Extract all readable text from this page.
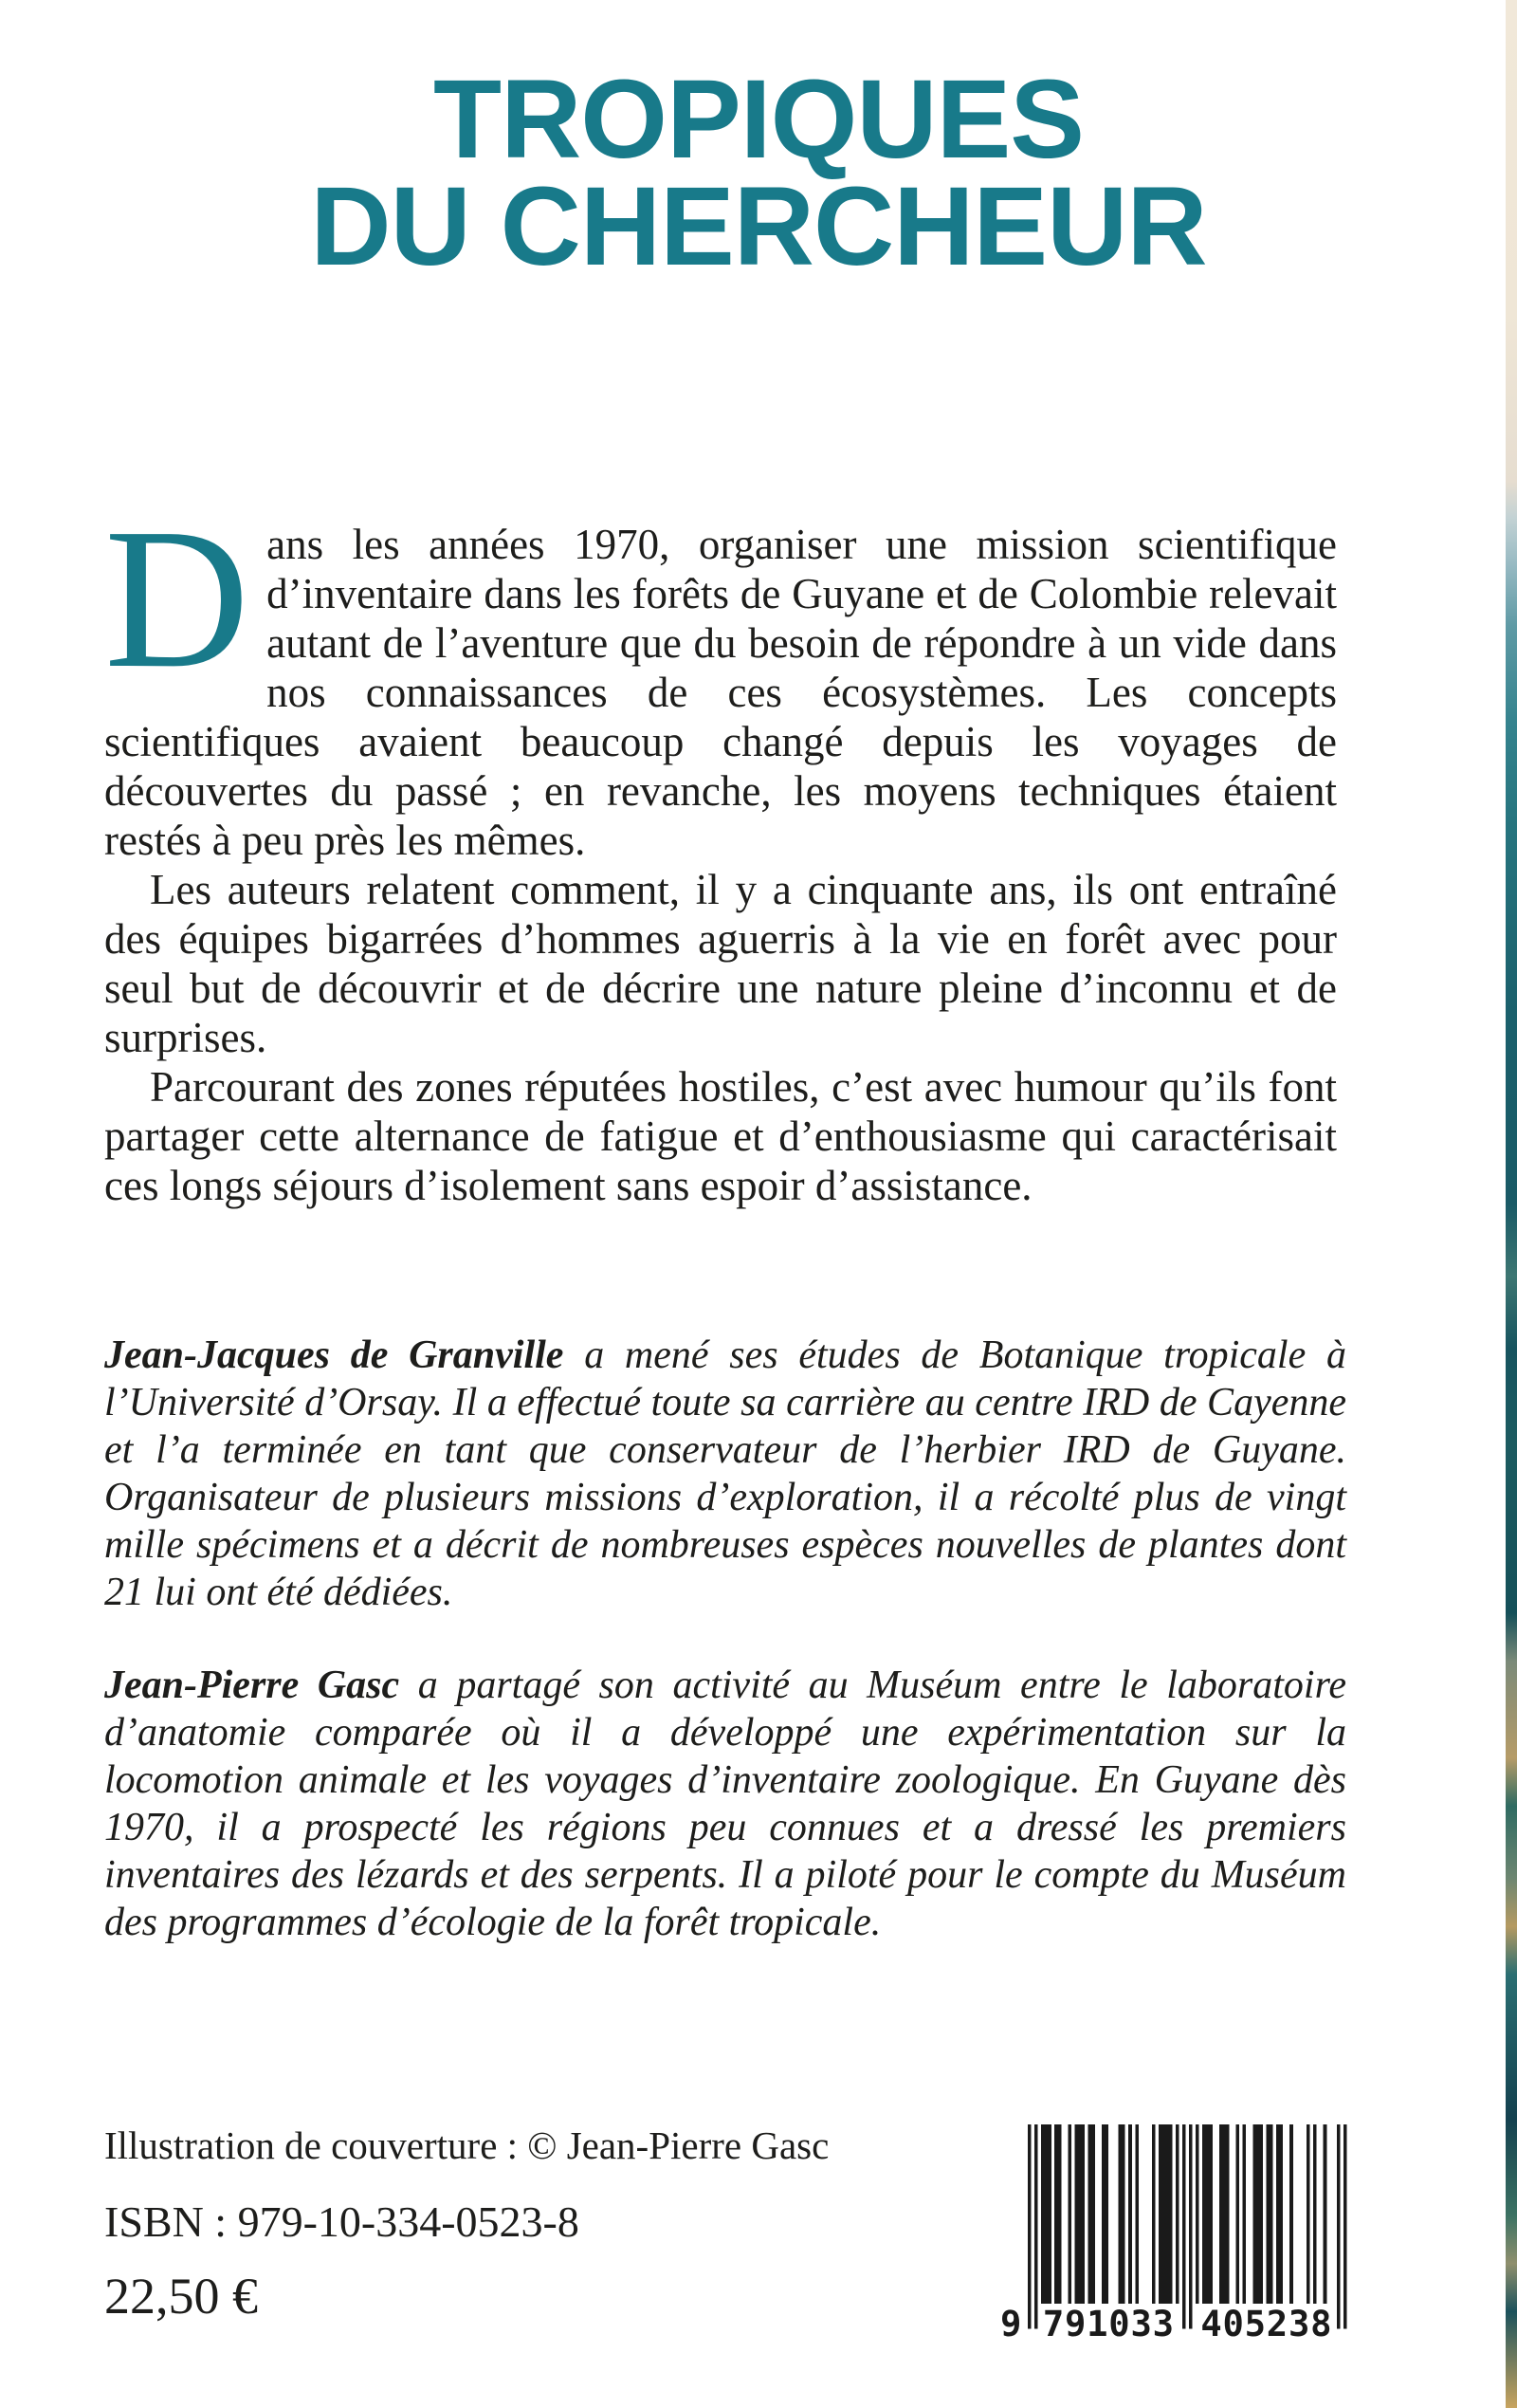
TROPIQUES
DU CHERCHEUR

Dans les années 1970, organiser une mission scientifique d’inventaire dans les forêts de Guyane et de Colombie relevait autant de l’aventure que du besoin de répondre à un vide dans nos connaissances de ces écosystèmes. Les concepts scientifiques avaient beaucoup changé depuis les voyages de découvertes du passé ; en revanche, les moyens techniques étaient restés à peu près les mêmes.

Les auteurs relatent comment, il y a cinquante ans, ils ont entraîné des équipes bigarrées d’hommes aguerris à la vie en forêt avec pour seul but de découvrir et de décrire une nature pleine d’inconnu et de surprises.

Parcourant des zones réputées hostiles, c’est avec humour qu’ils font partager cette alternance de fatigue et d’enthousiasme qui caractérisait ces longs séjours d’isolement sans espoir d’assistance.

Jean-Jacques de Granville a mené ses études de Botanique tropicale à l’Université d’Orsay. Il a effectué toute sa carrière au centre IRD de Cayenne et l’a terminée en tant que conservateur de l’herbier IRD de Guyane. Organisateur de plusieurs missions d’exploration, il a récolté plus de vingt mille spécimens et a décrit de nombreuses espèces nouvelles de plantes dont 21 lui ont été dédiées.

Jean-Pierre Gasc a partagé son activité au Muséum entre le laboratoire d’anatomie comparée où il a développé une expérimentation sur la locomotion animale et les voyages d’inventaire zoologique. En Guyane dès 1970, il a prospecté les régions peu connues et a dressé les premiers inventaires des lézards et des serpents. Il a piloté pour le compte du Muséum des programmes d’écologie de la forêt tropicale.

Illustration de couverture : © Jean-Pierre Gasc
ISBN : 979-10-334-0523-8
22,50 €	9 791033	405238
